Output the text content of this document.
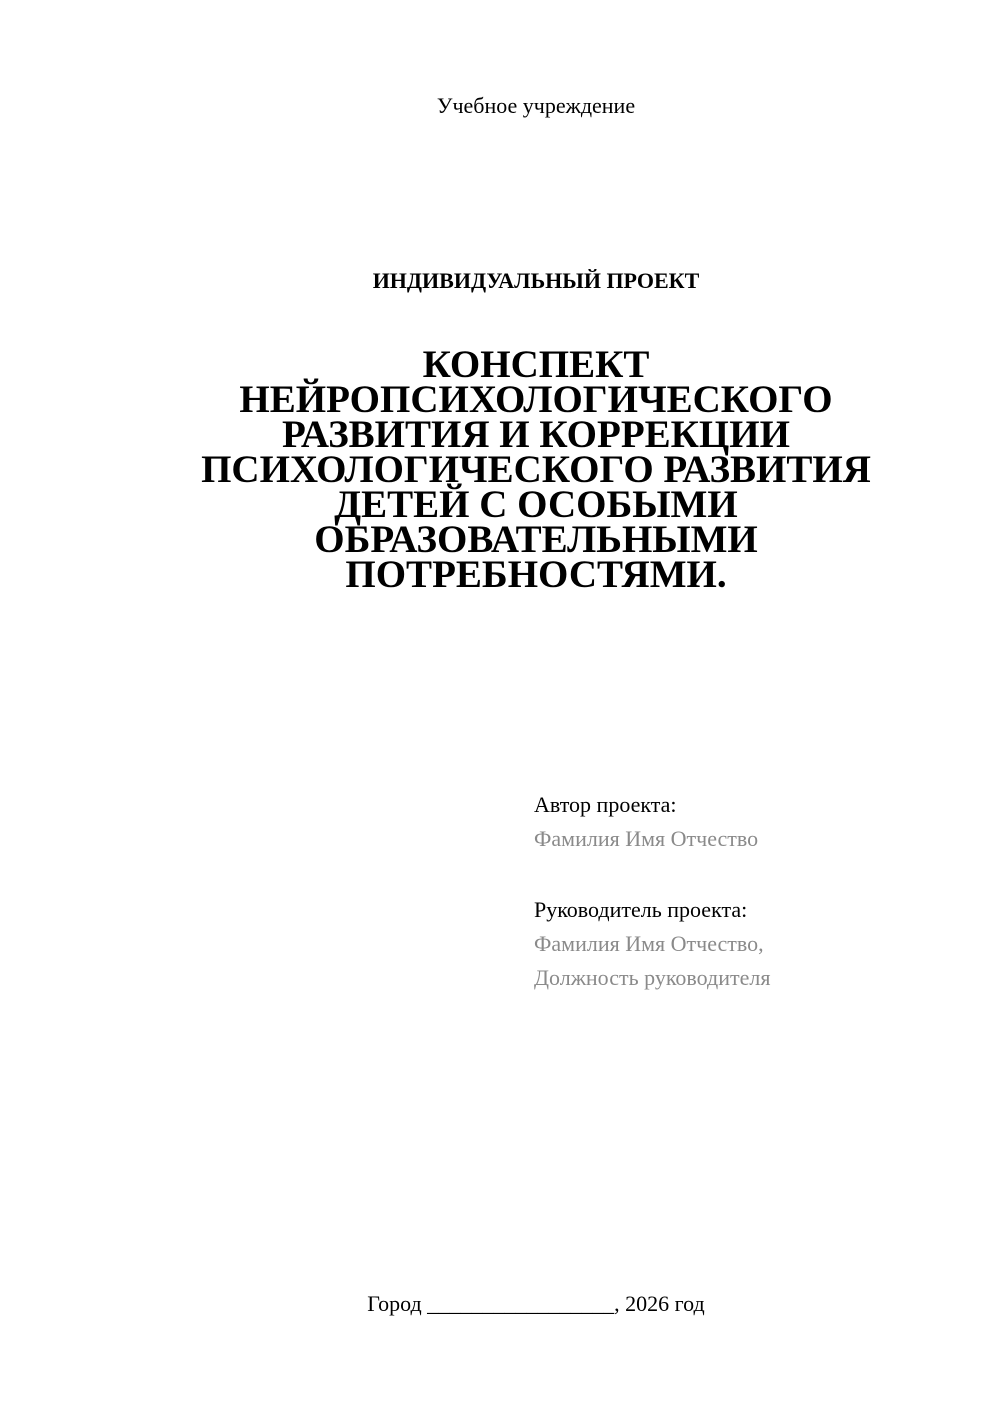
Учебное учреждение
ИНДИВИДУАЛЬНЫЙ ПРОЕКТ
КОНСПЕКТ
НЕЙРОПСИХОЛОГИЧЕСКОГО
РАЗВИТИЯ И КОРРЕКЦИИ
ПСИХОЛОГИЧЕСКОГО РАЗВИТИЯ
ДЕТЕЙ С ОСОБЫМИ
ОБРАЗОВАТЕЛЬНЫМИ
ПОТРЕБНОСТЯМИ.
Автор проекта:
Фамилия Имя Отчество
Руководитель проекта:
Фамилия Имя Отчество,
Должность руководителя
Город _________________, 2026 год
